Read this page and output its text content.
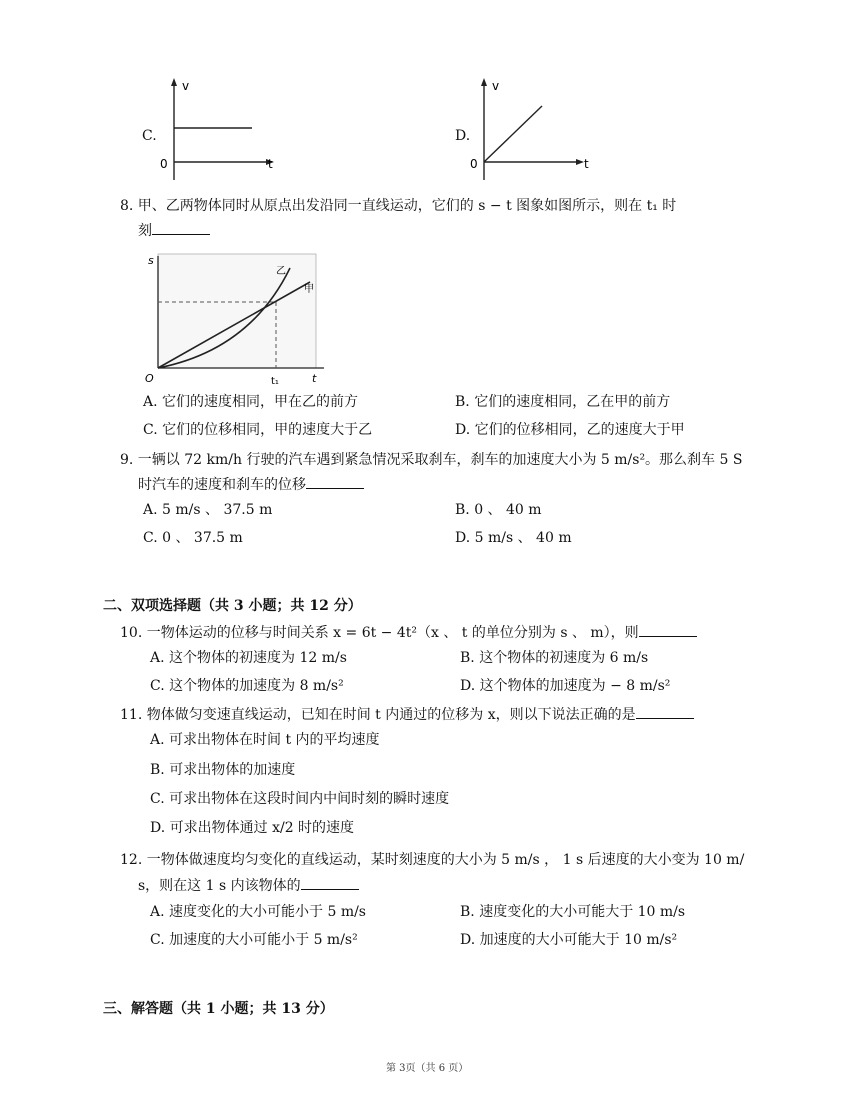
C.
v
t
0
D.
v
t
0
8. 甲、乙两物体同时从原点出发沿同一直线运动，它们的 s − t 图象如图所示，则在 t₁ 时
刻
s
t
O	t₁
甲
乙
A. 它们的速度相同，甲在乙的前方	B. 它们的速度相同，乙在甲的前方
C. 它们的位移相同，甲的速度大于乙	D. 它们的位移相同，乙的速度大于甲
9. 一辆以 72 km/h 行驶的汽车遇到紧急情况采取刹车，刹车的加速度大小为 5 m/s²。那么刹车 5 S
时汽车的速度和刹车的位移
A. 5 m/s 、 37.5 m	B. 0 、 40 m
C. 0 、 37.5 m	D. 5 m/s 、 40 m
二、双项选择题（共 3 小题；共 12 分）
10. 一物体运动的位移与时间关系 x = 6t − 4t²（x 、 t 的单位分别为 s 、 m），则
A. 这个物体的初速度为 12 m/s	B. 这个物体的初速度为 6 m/s
C. 这个物体的加速度为 8 m/s²	D. 这个物体的加速度为 − 8 m/s²
11. 物体做匀变速直线运动，已知在时间 t 内通过的位移为 x，则以下说法正确的是
A. 可求出物体在时间 t 内的平均速度
B. 可求出物体的加速度
C. 可求出物体在这段时间内中间时刻的瞬时速度
D. 可求出物体通过 x/2 时的速度
12. 一物体做速度均匀变化的直线运动，某时刻速度的大小为 5 m/s ， 1 s 后速度的大小变为 10 m/
s，则在这 1 s 内该物体的
A. 速度变化的大小可能小于 5 m/s	B. 速度变化的大小可能大于 10 m/s
C. 加速度的大小可能小于 5 m/s²	D. 加速度的大小可能大于 10 m/s²
三、解答题（共 1 小题；共 13 分）
第 3页（共 6 页）
